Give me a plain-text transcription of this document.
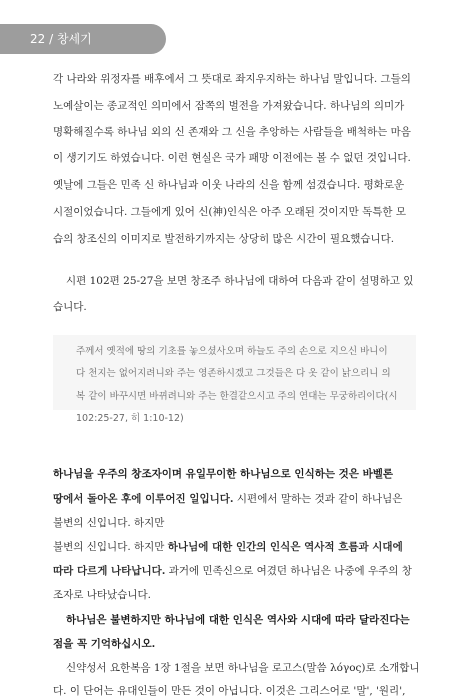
22 / 창세기
각 나라와 위정자를 배후에서 그 뜻대로 좌지우지하는 하나님 말입니다. 그들의
노예살이는 종교적인 의미에서 잠쪽의 벌전을 가져왔습니다. 하나님의 의미가
명확해질수록 하나님 외의 신 존재와 그 신을 추앙하는 사람들을 배척하는 마음
이 생기기도 하였습니다. 이런 현실은 국가 패망 이전에는 볼 수 없던 것입니다.
옛날에 그들은 민족 신 하나님과 이웃 나라의 신을 함께 섬겼습니다. 평화로운
시절이었습니다. 그들에게 있어 신(神)인식은 아주 오래된 것이지만 독특한 모
습의 창조신의 이미지로 발전하기까지는 상당히 많은 시간이 필요했습니다.
시편 102편 25-27을 보면 창조주 하나님에 대하여 다음과 같이 설명하고 있
습니다.
주께서 옛적에 땅의 기초를 놓으셨사오며 하늘도 주의 손으로 지으신 바니이
다 천지는 없어지려니와 주는 영존하시겠고 그것들은 다 옷 같이 낡으리니 의
복 같이 바꾸시면 바뀌려니와 주는 한결같으시고 주의 연대는 무궁하리이다(시
102:25-27, 히 1:10-12)
하나님을 우주의 창조자이며 유일무이한 하나님으로 인식하는 것은 바벨론
땅에서 돌아온 후에 이루어진 일입니다. 시편에서 말하는 것과 같이 하나님은
불변의 신입니다. 하지만
불변의 신입니다. 하지만 하나님에 대한 인간의 인식은 역사적 흐름과 시대에
따라 다르게 나타납니다. 과거에 민족신으로 여겼던 하나님은 나중에 우주의 창
조자로 나타났습니다.
하나님은 불변하지만 하나님에 대한 인식은 역사와 시대에 따라 달라진다는
점을 꼭 기억하십시오.
신약성서 요한복음 1장 1절을 보면 하나님을 로고스(말씀 λόγος)로 소개합니
다. 이 단어는 유대인들이 만든 것이 아닙니다. 이것은 그리스어로 '말', '원리',
